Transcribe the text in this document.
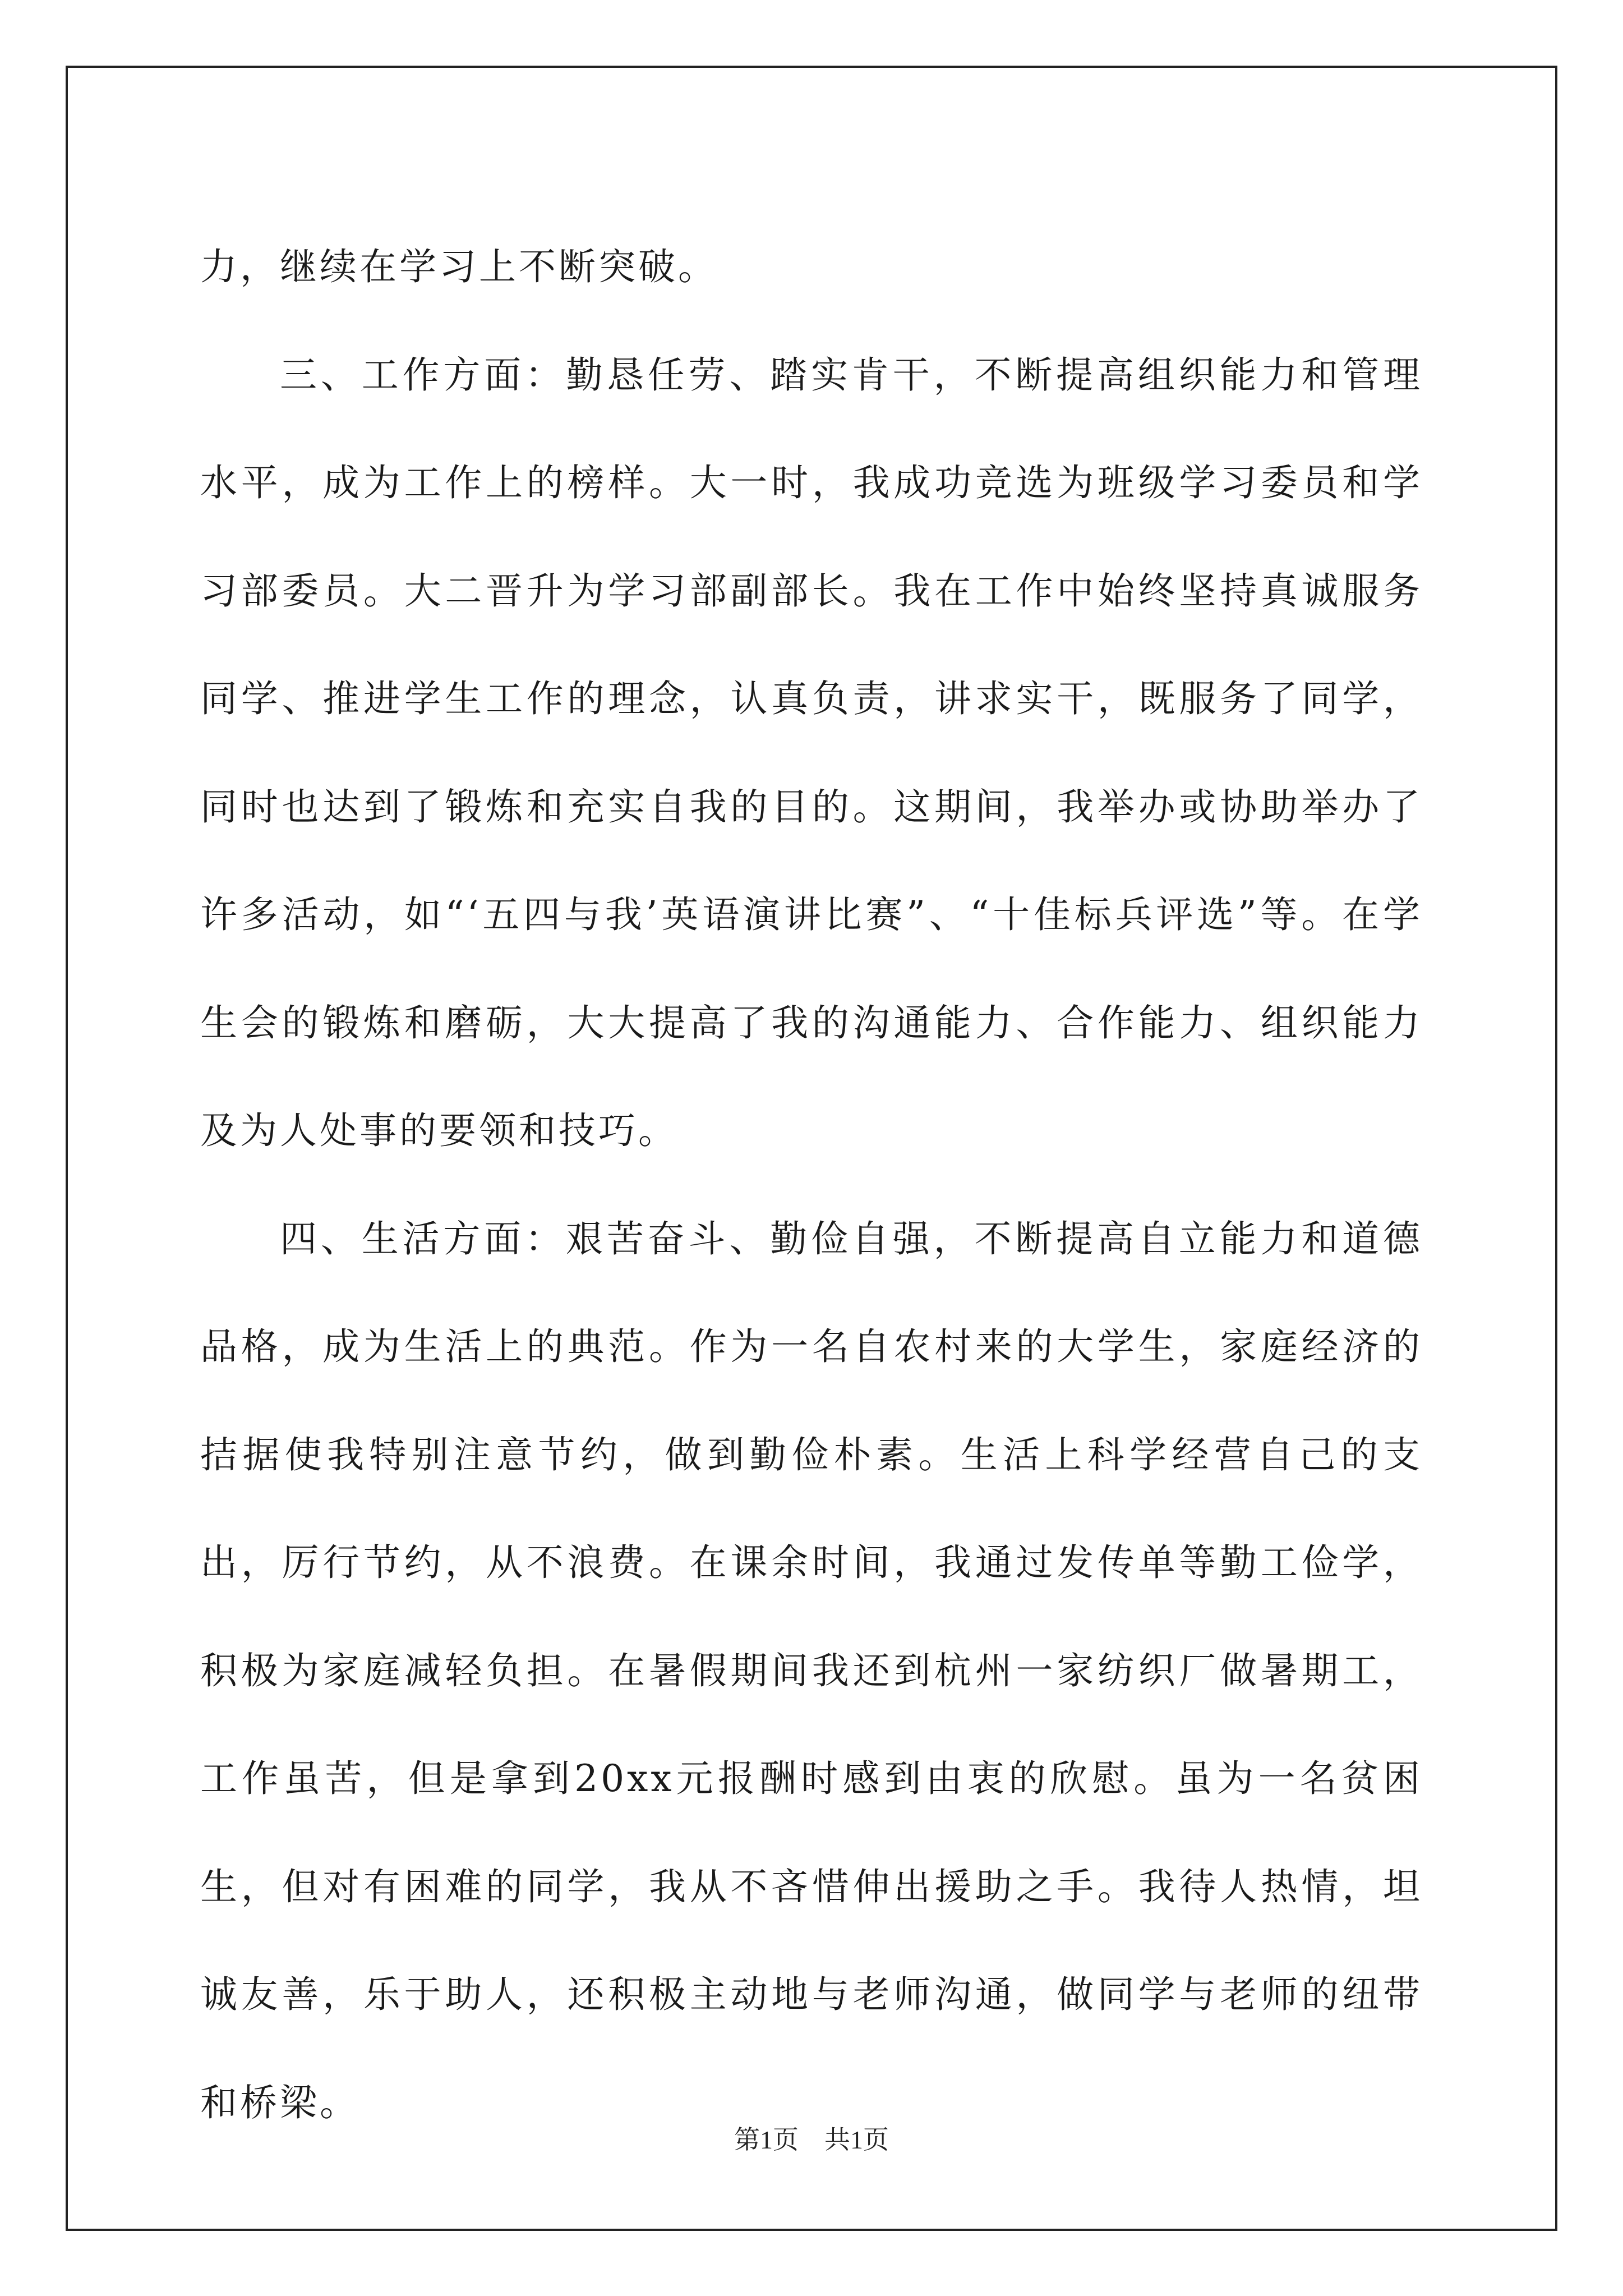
力，继续在学习上不断突破。

三、工作方面：勤恳任劳、踏实肯干，不断提高组织能力和管理水平，成为工作上的榜样。大一时，我成功竞选为班级学习委员和学习部委员。大二晋升为学习部副部长。我在工作中始终坚持真诚服务同学、推进学生工作的理念，认真负责，讲求实干，既服务了同学，同时也达到了锻炼和充实自我的目的。这期间，我举办或协助举办了许多活动，如“‘五四与我’英语演讲比赛”、“十佳标兵评选”等。在学生会的锻炼和磨砺，大大提高了我的沟通能力、合作能力、组织能力及为人处事的要领和技巧。

四、生活方面：艰苦奋斗、勤俭自强，不断提高自立能力和道德品格，成为生活上的典范。作为一名自农村来的大学生，家庭经济的拮据使我特别注意节约，做到勤俭朴素。生活上科学经营自己的支出，厉行节约，从不浪费。在课余时间，我通过发传单等勤工俭学，积极为家庭减轻负担。在暑假期间我还到杭州一家纺织厂做暑期工，工作虽苦，但是拿到20xx元报酬时感到由衷的欣慰。虽为一名贫困生，但对有困难的同学，我从不吝惜伸出援助之手。我待人热情，坦诚友善，乐于助人，还积极主动地与老师沟通，做同学与老师的纽带和桥梁。

第1页 共1页
